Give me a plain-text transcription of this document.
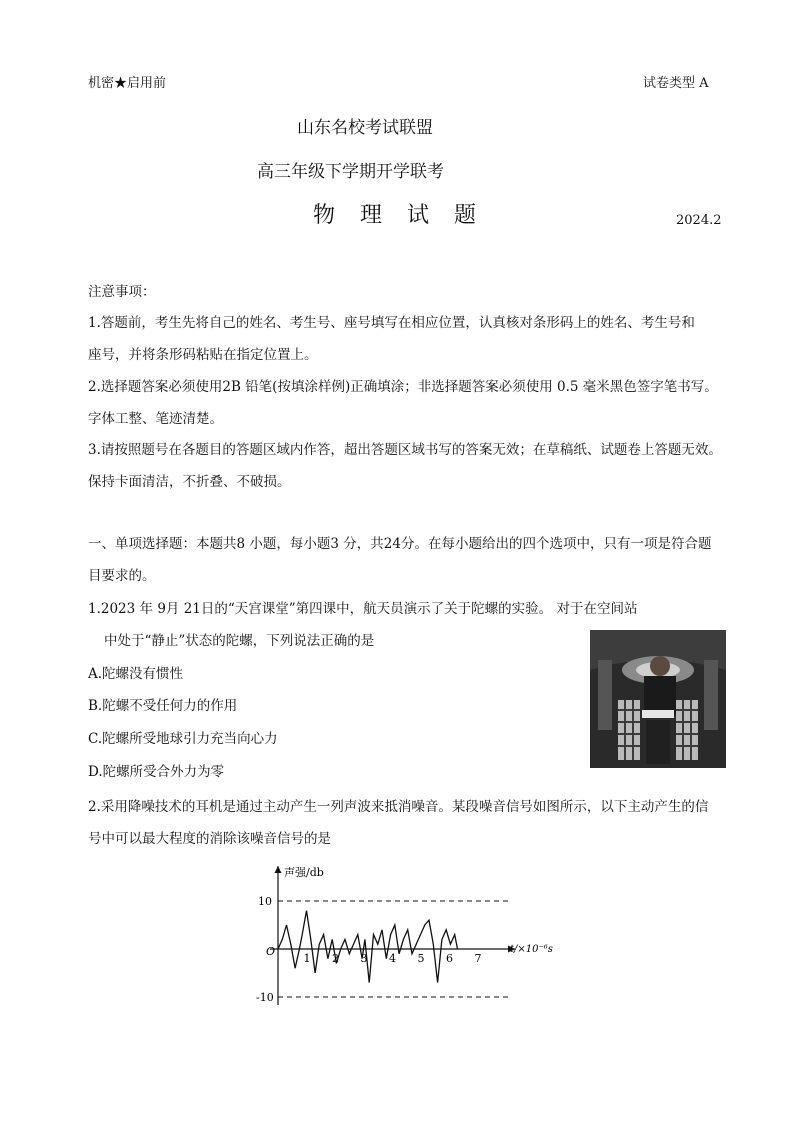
机密★启用前	试卷类型 A
山东名校考试联盟
高三年级下学期开学联考
物 理 试 题	2024.2
注意事项：
1.答题前，考生先将自己的姓名、考生号、座号填写在相应位置，认真核对条形码上的姓名、考生号和
座号，并将条形码粘贴在指定位置上。
2.选择题答案必须使用2B 铅笔(按填涂样例)正确填涂；非选择题答案必须使用 0.5 毫米黑色签字笔书写。
字体工整、笔迹清楚。
3.请按照题号在各题目的答题区域内作答，超出答题区域书写的答案无效；在草稿纸、试题卷上答题无效。
保持卡面清洁，不折叠、不破损。
一、单项选择题：本题共8 小题，每小题3 分，共24分。在每小题给出的四个选项中，只有一项是符合题
目要求的。
1.2023 年 9月 21日的“天宫课堂”第四课中，航天员演示了关于陀螺的实验。 对于在空间站
中处于“静止”状态的陀螺，下列说法正确的是
A.陀螺没有惯性
B.陀螺不受任何力的作用
C.陀螺所受地球引力充当向心力
D.陀螺所受合外力为零
2.采用降噪技术的耳机是通过主动产生一列声波来抵消噪音。某段噪音信号如图所示，以下主动产生的信
号中可以最大程度的消除该噪音信号的是
声强/db
t/×10⁻⁶s
O
10
-10
1 2 3 4 5 6 7
